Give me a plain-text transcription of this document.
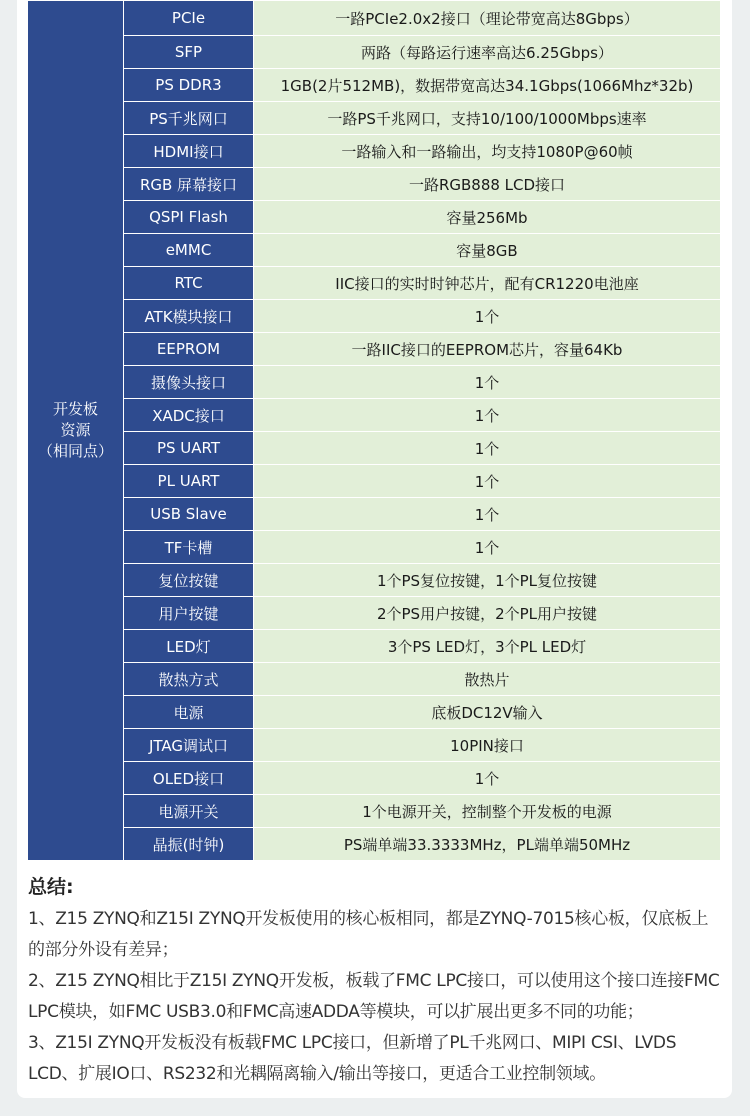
开发板
资源
（相同点）	PCIe	一路PCIe2.0x2接口（理论带宽高达8Gbps）
	SFP	两路（每路运行速率高达6.25Gbps）
	PS DDR3	1GB(2片512MB)，数据带宽高达34.1Gbps(1066Mhz*32b)
	PS千兆网口	一路PS千兆网口，支持10/100/1000Mbps速率
	HDMI接口	一路输入和一路输出，均支持1080P@60帧
	RGB 屏幕接口	一路RGB888 LCD接口
	QSPI Flash	容量256Mb
	eMMC	容量8GB
	RTC	IIC接口的实时时钟芯片，配有CR1220电池座
	ATK模块接口	1个
	EEPROM	一路IIC接口的EEPROM芯片，容量64Kb
	摄像头接口	1个
	XADC接口	1个
	PS UART	1个
	PL UART	1个
	USB Slave	1个
	TF卡槽	1个
	复位按键	1个PS复位按键，1个PL复位按键
	用户按键	2个PS用户按键，2个PL用户按键
	LED灯	3个PS LED灯，3个PL LED灯
	散热方式	散热片
	电源	底板DC12V输入
	JTAG调试口	10PIN接口
	OLED接口	1个
	电源开关	1个电源开关，控制整个开发板的电源
	晶振(时钟)	PS端单端33.3333MHz，PL端单端50MHz
总结:

1、Z15 ZYNQ和Z15I ZYNQ开发板使用的核心板相同，都是ZYNQ-7015核心板，仅底板上的部分外设有差异；

2、Z15 ZYNQ相比于Z15I ZYNQ开发板，板载了FMC LPC接口，可以使用这个接口连接FMC LPC模块，如FMC USB3.0和FMC高速ADDA等模块，可以扩展出更多不同的功能；

3、Z15I ZYNQ开发板没有板载FMC LPC接口，但新增了PL千兆网口、MIPI CSI、LVDS LCD、扩展IO口、RS232和光耦隔离输入/输出等接口，更适合工业控制领域。
